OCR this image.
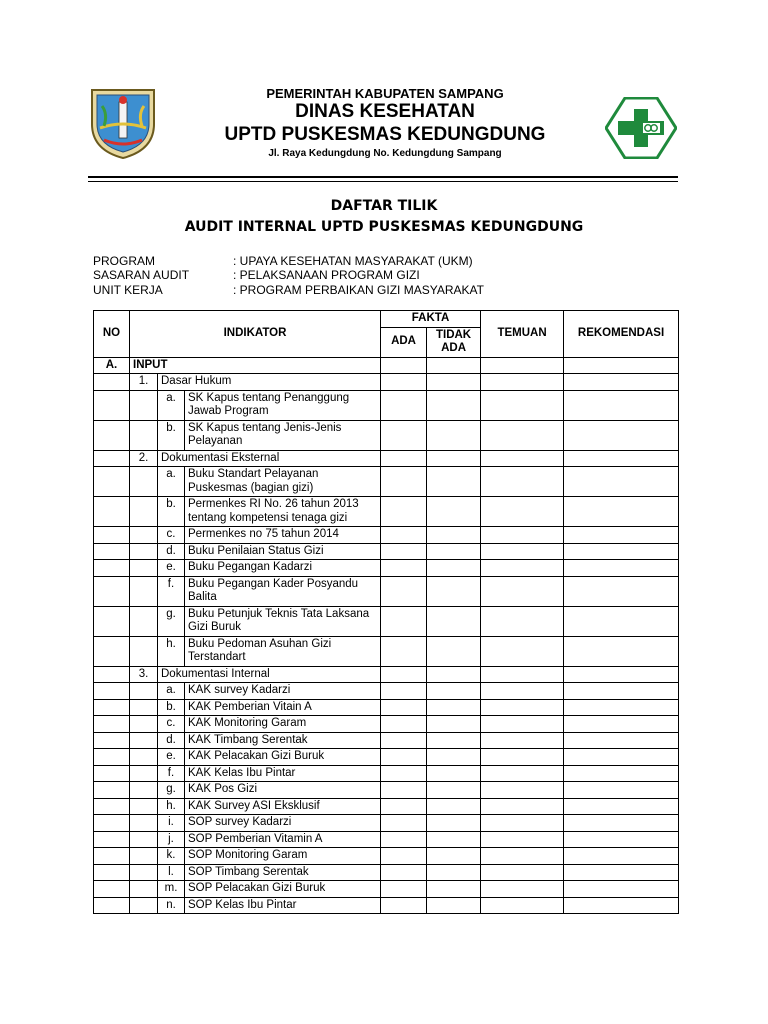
PEMERINTAH KABUPATEN SAMPANG
DINAS KESEHATAN
UPTD PUSKESMAS KEDUNGDUNG
Jl. Raya Kedungdung No. Kedungdung Sampang
DAFTAR TILIK
AUDIT INTERNAL UPTD PUSKESMAS KEDUNGDUNG
PROGRAM	: UPAYA KESEHATAN MASYARAKAT (UKM)
SASARAN AUDIT	: PELAKSANAAN PROGRAM GIZI
UNIT KERJA	: PROGRAM PERBAIKAN GIZI MASYARAKAT
NO	INDIKATOR			FAKTA		TEMUAN	REKOMENDASI
				ADA	TIDAK ADA		
A.	INPUT						
	1.	Dasar Hukum					
		a.	SK Kapus tentang Penanggung Jawab Program				
		b.	SK Kapus tentang Jenis-Jenis Pelayanan				
	2.	Dokumentasi Eksternal					
		a.	Buku Standart Pelayanan Puskesmas (bagian gizi)				
		b.	Permenkes RI No. 26 tahun 2013 tentang kompetensi tenaga gizi				
		c.	Permenkes no 75 tahun 2014				
		d.	Buku Penilaian Status Gizi				
		e.	Buku Pegangan Kadarzi				
		f.	Buku Pegangan Kader Posyandu Balita				
		g.	Buku Petunjuk Teknis Tata Laksana Gizi Buruk				
		h.	Buku Pedoman Asuhan Gizi Terstandart				
	3.	Dokumentasi Internal					
		a.	KAK survey Kadarzi				
		b.	KAK Pemberian Vitain A				
		c.	KAK Monitoring Garam				
		d.	KAK Timbang Serentak				
		e.	KAK Pelacakan Gizi Buruk				
		f.	KAK Kelas Ibu Pintar				
		g.	KAK Pos Gizi				
		h.	KAK Survey ASI Eksklusif				
		i.	SOP survey Kadarzi				
		j.	SOP Pemberian Vitamin A				
		k.	SOP Monitoring Garam				
		l.	SOP Timbang Serentak				
		m.	SOP Pelacakan Gizi Buruk				
		n.	SOP Kelas Ibu Pintar				
